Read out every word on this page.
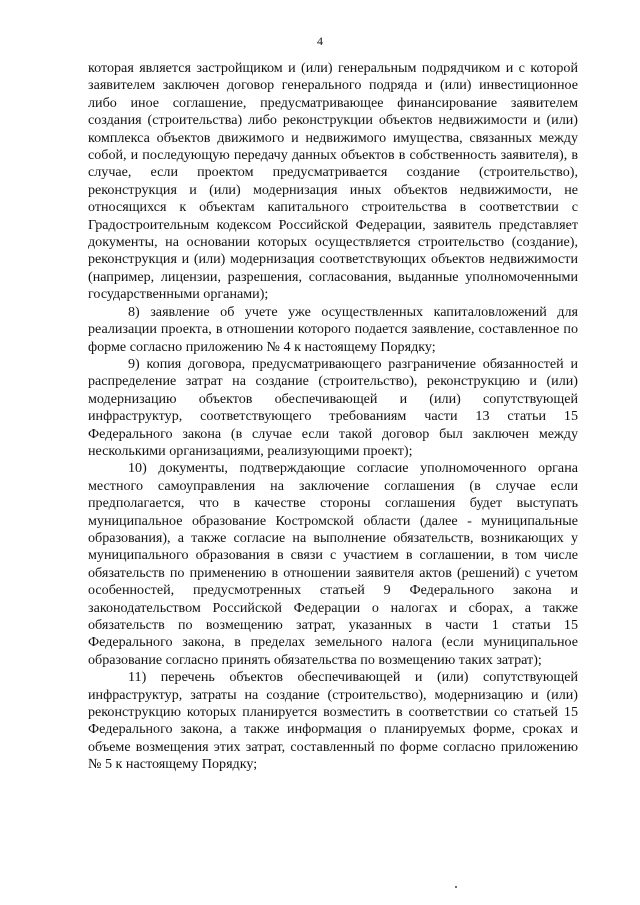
4

которая является застройщиком и (или) генеральным подрядчиком и с которой заявителем заключен договор генерального подряда и (или) инвестиционное либо иное соглашение, предусматривающее финансирование заявителем создания (строительства) либо реконструкции объектов недвижимости и (или) комплекса объектов движимого и недвижимого имущества, связанных между собой, и последующую передачу данных объектов в собственность заявителя), в случае, если проектом предусматривается создание (строительство), реконструкция и (или) модернизация иных объектов недвижимости, не относящихся к объектам капитального строительства в соответствии с Градостроительным кодексом Российской Федерации, заявитель представляет документы, на основании которых осуществляется строительство (создание), реконструкция и (или) модернизация соответствующих объектов недвижимости (например, лицензии, разрешения, согласования, выданные уполномоченными государственными органами);

8) заявление об учете уже осуществленных капиталовложений для реализации проекта, в отношении которого подается заявление, составленное по форме согласно приложению № 4 к настоящему Порядку;

9) копия договора, предусматривающего разграничение обязанностей и распределение затрат на создание (строительство), реконструкцию и (или) модернизацию объектов обеспечивающей и (или) сопутствующей инфраструктур, соответствующего требованиям части 13 статьи 15 Федерального закона (в случае если такой договор был заключен между несколькими организациями, реализующими проект);

10) документы, подтверждающие согласие уполномоченного органа местного самоуправления на заключение соглашения (в случае если предполагается, что в качестве стороны соглашения будет выступать муниципальное образование Костромской области (далее - муниципальные образования), а также согласие на выполнение обязательств, возникающих у муниципального образования в связи с участием в соглашении, в том числе обязательств по применению в отношении заявителя актов (решений) с учетом особенностей, предусмотренных статьей 9 Федерального закона и законодательством Российской Федерации о налогах и сборах, а также обязательств по возмещению затрат, указанных в части 1 статьи 15 Федерального закона, в пределах земельного налога (если муниципальное образование согласно принять обязательства по возмещению таких затрат);

11) перечень объектов обеспечивающей и (или) сопутствующей инфраструктур, затраты на создание (строительство), модернизацию и (или) реконструкцию которых планируется возместить в соответствии со статьей 15 Федерального закона, а также информация о планируемых форме, сроках и объеме возмещения этих затрат, составленный по форме согласно приложению № 5 к настоящему Порядку;
